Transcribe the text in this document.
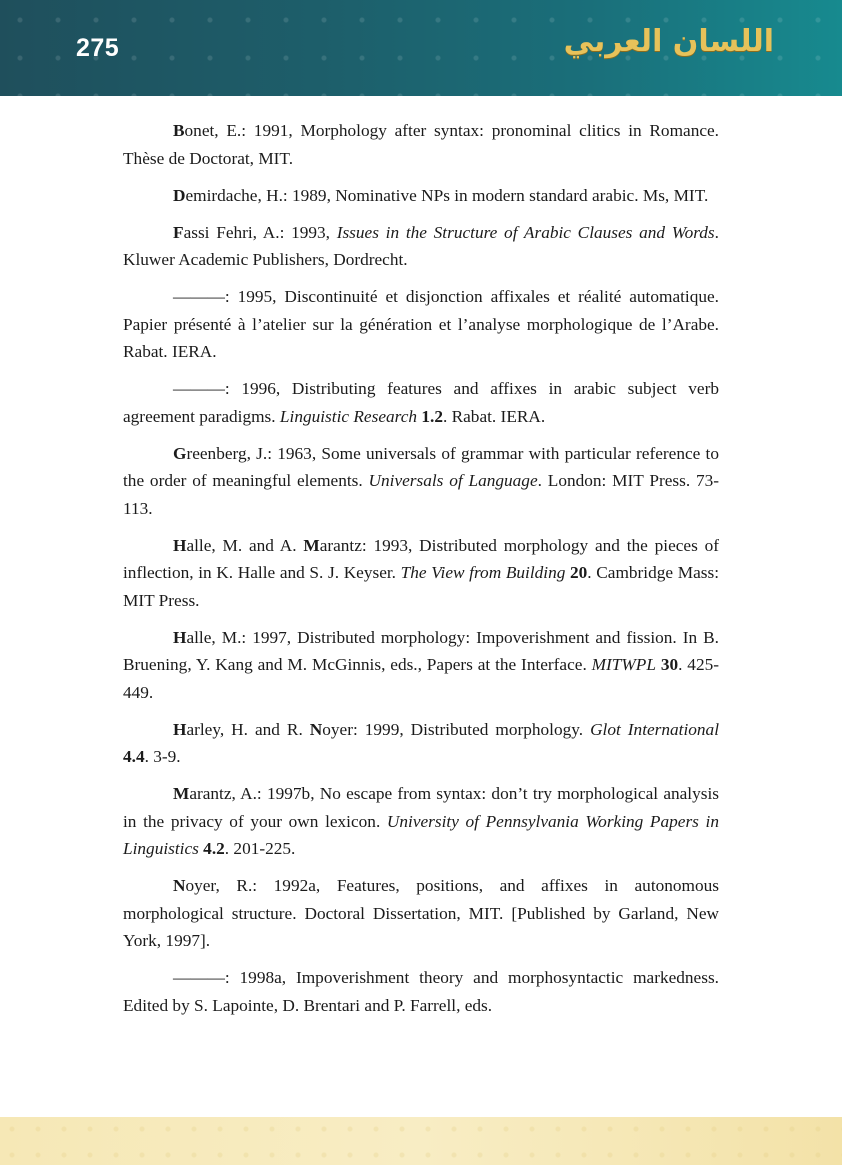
275	اللسان العربي

Bonet, E.: 1991, Morphology after syntax: pronominal clitics in Romance. Thèse de Doctorat, MIT.

Demirdache, H.: 1989, Nominative NPs in modern standard arabic. Ms, MIT.

Fassi Fehri, A.: 1993, Issues in the Structure of Arabic Clauses and Words. Kluwer Academic Publishers, Dordrecht.

———: 1995, Discontinuité et disjonction affixales et réalité automatique. Papier présenté à l’atelier sur la génération et l’analyse morphologique de l’Arabe. Rabat. IERA.

———: 1996, Distributing features and affixes in arabic subject verb agreement paradigms. Linguistic Research 1.2. Rabat. IERA.

Greenberg, J.: 1963, Some universals of grammar with particular reference to the order of meaningful elements. Universals of Language. London: MIT Press. 73-113.

Halle, M. and A. Marantz: 1993, Distributed morphology and the pieces of inflection, in K. Halle and S. J. Keyser. The View from Building 20. Cambridge Mass: MIT Press.

Halle, M.: 1997, Distributed morphology: Impoverishment and fission. In B. Bruening, Y. Kang and M. McGinnis, eds., Papers at the Interface. MITWPL 30. 425-449.

Harley, H. and R. Noyer: 1999, Distributed morphology. Glot International 4.4. 3-9.

Marantz, A.: 1997b, No escape from syntax: don’t try morphological analysis in the privacy of your own lexicon. University of Pennsylvania Working Papers in Linguistics 4.2. 201-225.

Noyer, R.: 1992a, Features, positions, and affixes in autonomous morphological structure. Doctoral Dissertation, MIT. [Published by Garland, New York, 1997].

———: 1998a, Impoverishment theory and morphosyntactic markedness. Edited by S. Lapointe, D. Brentari and P. Farrell, eds.
